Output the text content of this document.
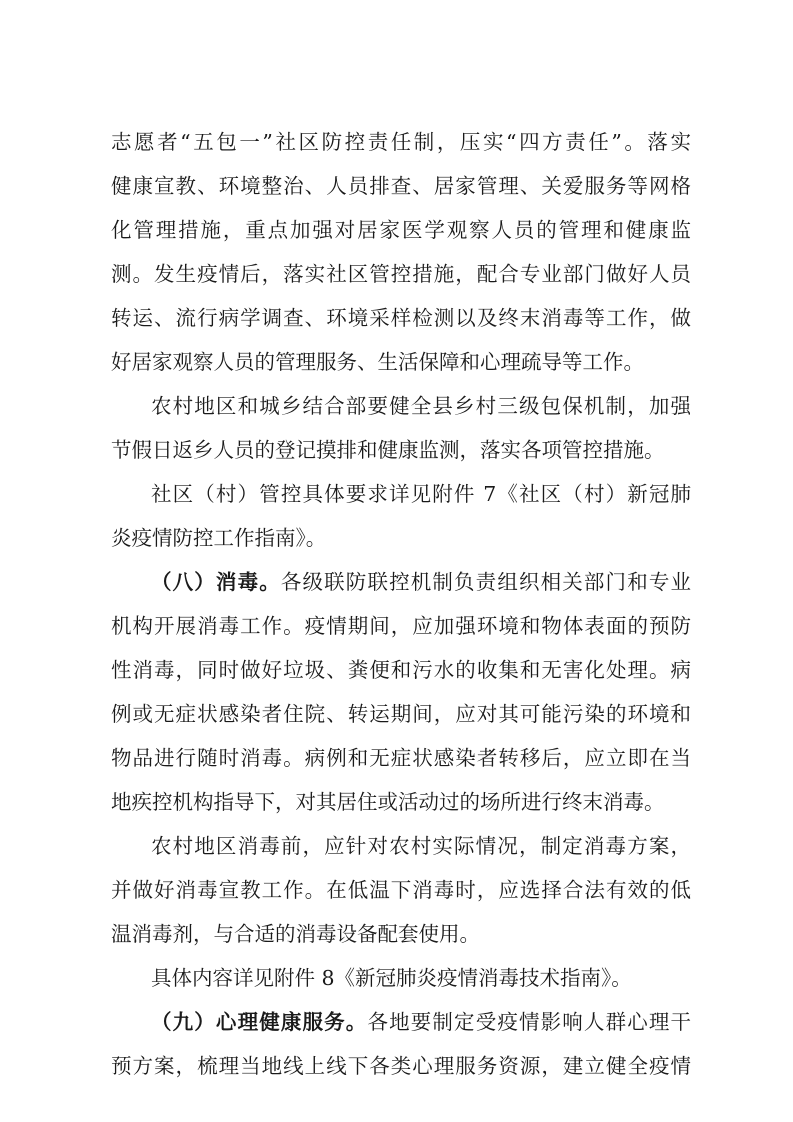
志愿者“五包一”社区防控责任制，压实“四方责任”。落实
健康宣教、环境整治、人员排查、居家管理、关爱服务等网格
化管理措施，重点加强对居家医学观察人员的管理和健康监
测。发生疫情后，落实社区管控措施，配合专业部门做好人员
转运、流行病学调查、环境采样检测以及终末消毒等工作，做
好居家观察人员的管理服务、生活保障和心理疏导等工作。
农村地区和城乡结合部要健全县乡村三级包保机制，加强
节假日返乡人员的登记摸排和健康监测，落实各项管控措施。
社区（村）管控具体要求详见附件 7《社区（村）新冠肺
炎疫情防控工作指南》。
（八）消毒。各级联防联控机制负责组织相关部门和专业
机构开展消毒工作。疫情期间，应加强环境和物体表面的预防
性消毒，同时做好垃圾、粪便和污水的收集和无害化处理。病
例或无症状感染者住院、转运期间，应对其可能污染的环境和
物品进行随时消毒。病例和无症状感染者转移后，应立即在当
地疾控机构指导下，对其居住或活动过的场所进行终末消毒。
农村地区消毒前，应针对农村实际情况，制定消毒方案，
并做好消毒宣教工作。在低温下消毒时，应选择合法有效的低
温消毒剂，与合适的消毒设备配套使用。
具体内容详见附件 8《新冠肺炎疫情消毒技术指南》。
（九）心理健康服务。各地要制定受疫情影响人群心理干
预方案，梳理当地线上线下各类心理服务资源，建立健全疫情
